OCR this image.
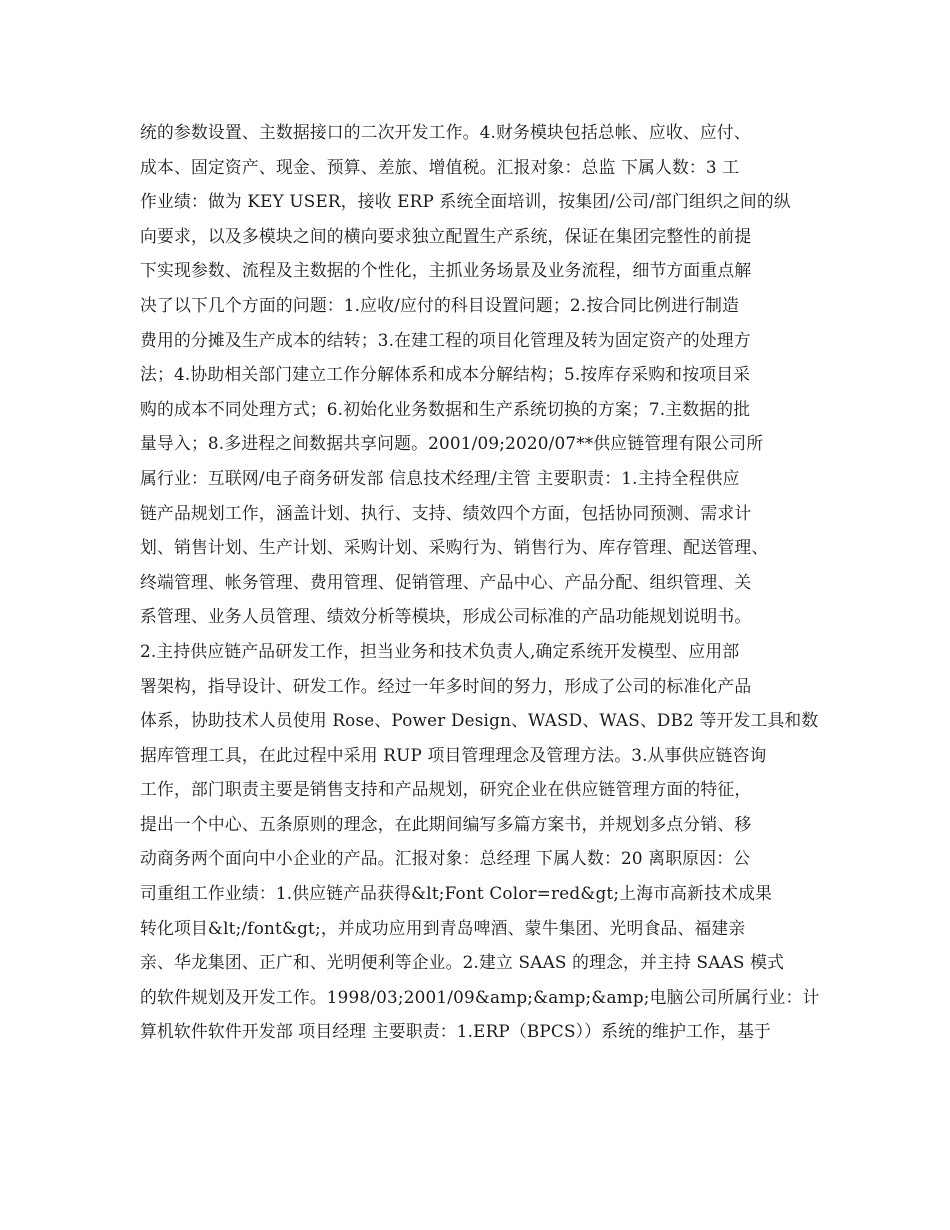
统的参数设置、主数据接口的二次开发工作。4.财务模块包括总帐、应收、应付、
成本、固定资产、现金、预算、差旅、增值税。汇报对象：总监 下属人数：3 工
作业绩：做为 KEY USER，接收 ERP 系统全面培训，按集团/公司/部门组织之间的纵
向要求，以及多模块之间的横向要求独立配置生产系统，保证在集团完整性的前提
下实现参数、流程及主数据的个性化，主抓业务场景及业务流程，细节方面重点解
决了以下几个方面的问题：1.应收/应付的科目设置问题；2.按合同比例进行制造
费用的分摊及生产成本的结转；3.在建工程的项目化管理及转为固定资产的处理方
法；4.协助相关部门建立工作分解体系和成本分解结构；5.按库存采购和按项目采
购的成本不同处理方式；6.初始化业务数据和生产系统切换的方案；7.主数据的批
量导入；8.多进程之间数据共享问题。2001/09;2020/07**供应链管理有限公司所
属行业：互联网/电子商务研发部 信息技术经理/主管 主要职责：1.主持全程供应
链产品规划工作，涵盖计划、执行、支持、绩效四个方面，包括协同预测、需求计
划、销售计划、生产计划、采购计划、采购行为、销售行为、库存管理、配送管理、
终端管理、帐务管理、费用管理、促销管理、产品中心、产品分配、组织管理、关
系管理、业务人员管理、绩效分析等模块，形成公司标准的产品功能规划说明书。
2.主持供应链产品研发工作，担当业务和技术负责人,确定系统开发模型、应用部
署架构，指导设计、研发工作。经过一年多时间的努力，形成了公司的标准化产品
体系，协助技术人员使用 Rose、Power Design、WASD、WAS、DB2 等开发工具和数
据库管理工具，在此过程中采用 RUP 项目管理理念及管理方法。3.从事供应链咨询
工作，部门职责主要是销售支持和产品规划，研究企业在供应链管理方面的特征，
提出一个中心、五条原则的理念，在此期间编写多篇方案书，并规划多点分销、移
动商务两个面向中小企业的产品。汇报对象：总经理 下属人数：20 离职原因：公
司重组工作业绩：1.供应链产品获得&lt;Font Color=red&gt;上海市高新技术成果
转化项目&lt;/font&gt;，并成功应用到青岛啤酒、蒙牛集团、光明食品、福建亲
亲、华龙集团、正广和、光明便利等企业。2.建立 SAAS 的理念，并主持 SAAS 模式
的软件规划及开发工作。1998/03;2001/09&amp;&amp;&amp;电脑公司所属行业：计
算机软件软件开发部 项目经理 主要职责：1.ERP（BPCS））系统的维护工作，基于
